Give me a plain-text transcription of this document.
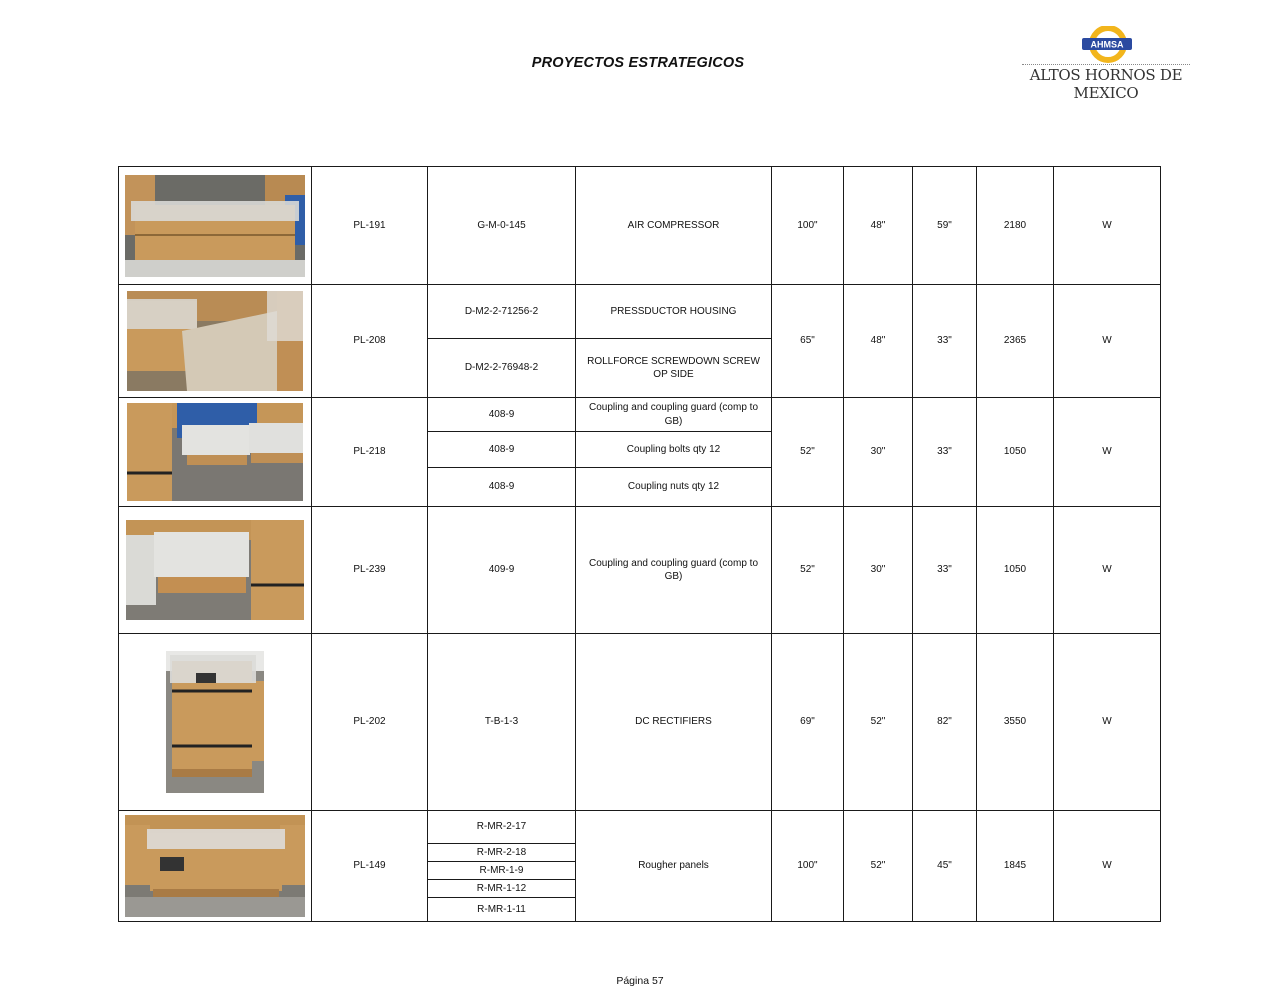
PROYECTOS ESTRATEGICOS
AHMSA
ALTOS HORNOS DE MEXICO
	PL-191	G-M-0-145	AIR COMPRESSOR	100"	48"	59"	2180	W

	PL-208	D-M2-2-71256-2	PRESSDUCTOR HOUSING	65"	48"	33"	2365	W
		D-M2-2-76948-2	ROLLFORCE SCREWDOWN SCREW OP SIDE					

	PL-218	408-9	Coupling and coupling guard (comp to GB)	52"	30"	33"	1050	W
		408-9	Coupling bolts qty 12					
		408-9	Coupling nuts qty 12					

	PL-239	409-9	Coupling and coupling guard (comp to GB)	52"	30"	33"	1050	W

	PL-202	T-B-1-3	DC RECTIFIERS	69"	52"	82"	3550	W

	PL-149	R-MR-2-17	Rougher panels	100"	52"	45"	1845	W
		R-MR-2-18						
		R-MR-1-9						
		R-MR-1-12						
		R-MR-1-11						
Página 57
